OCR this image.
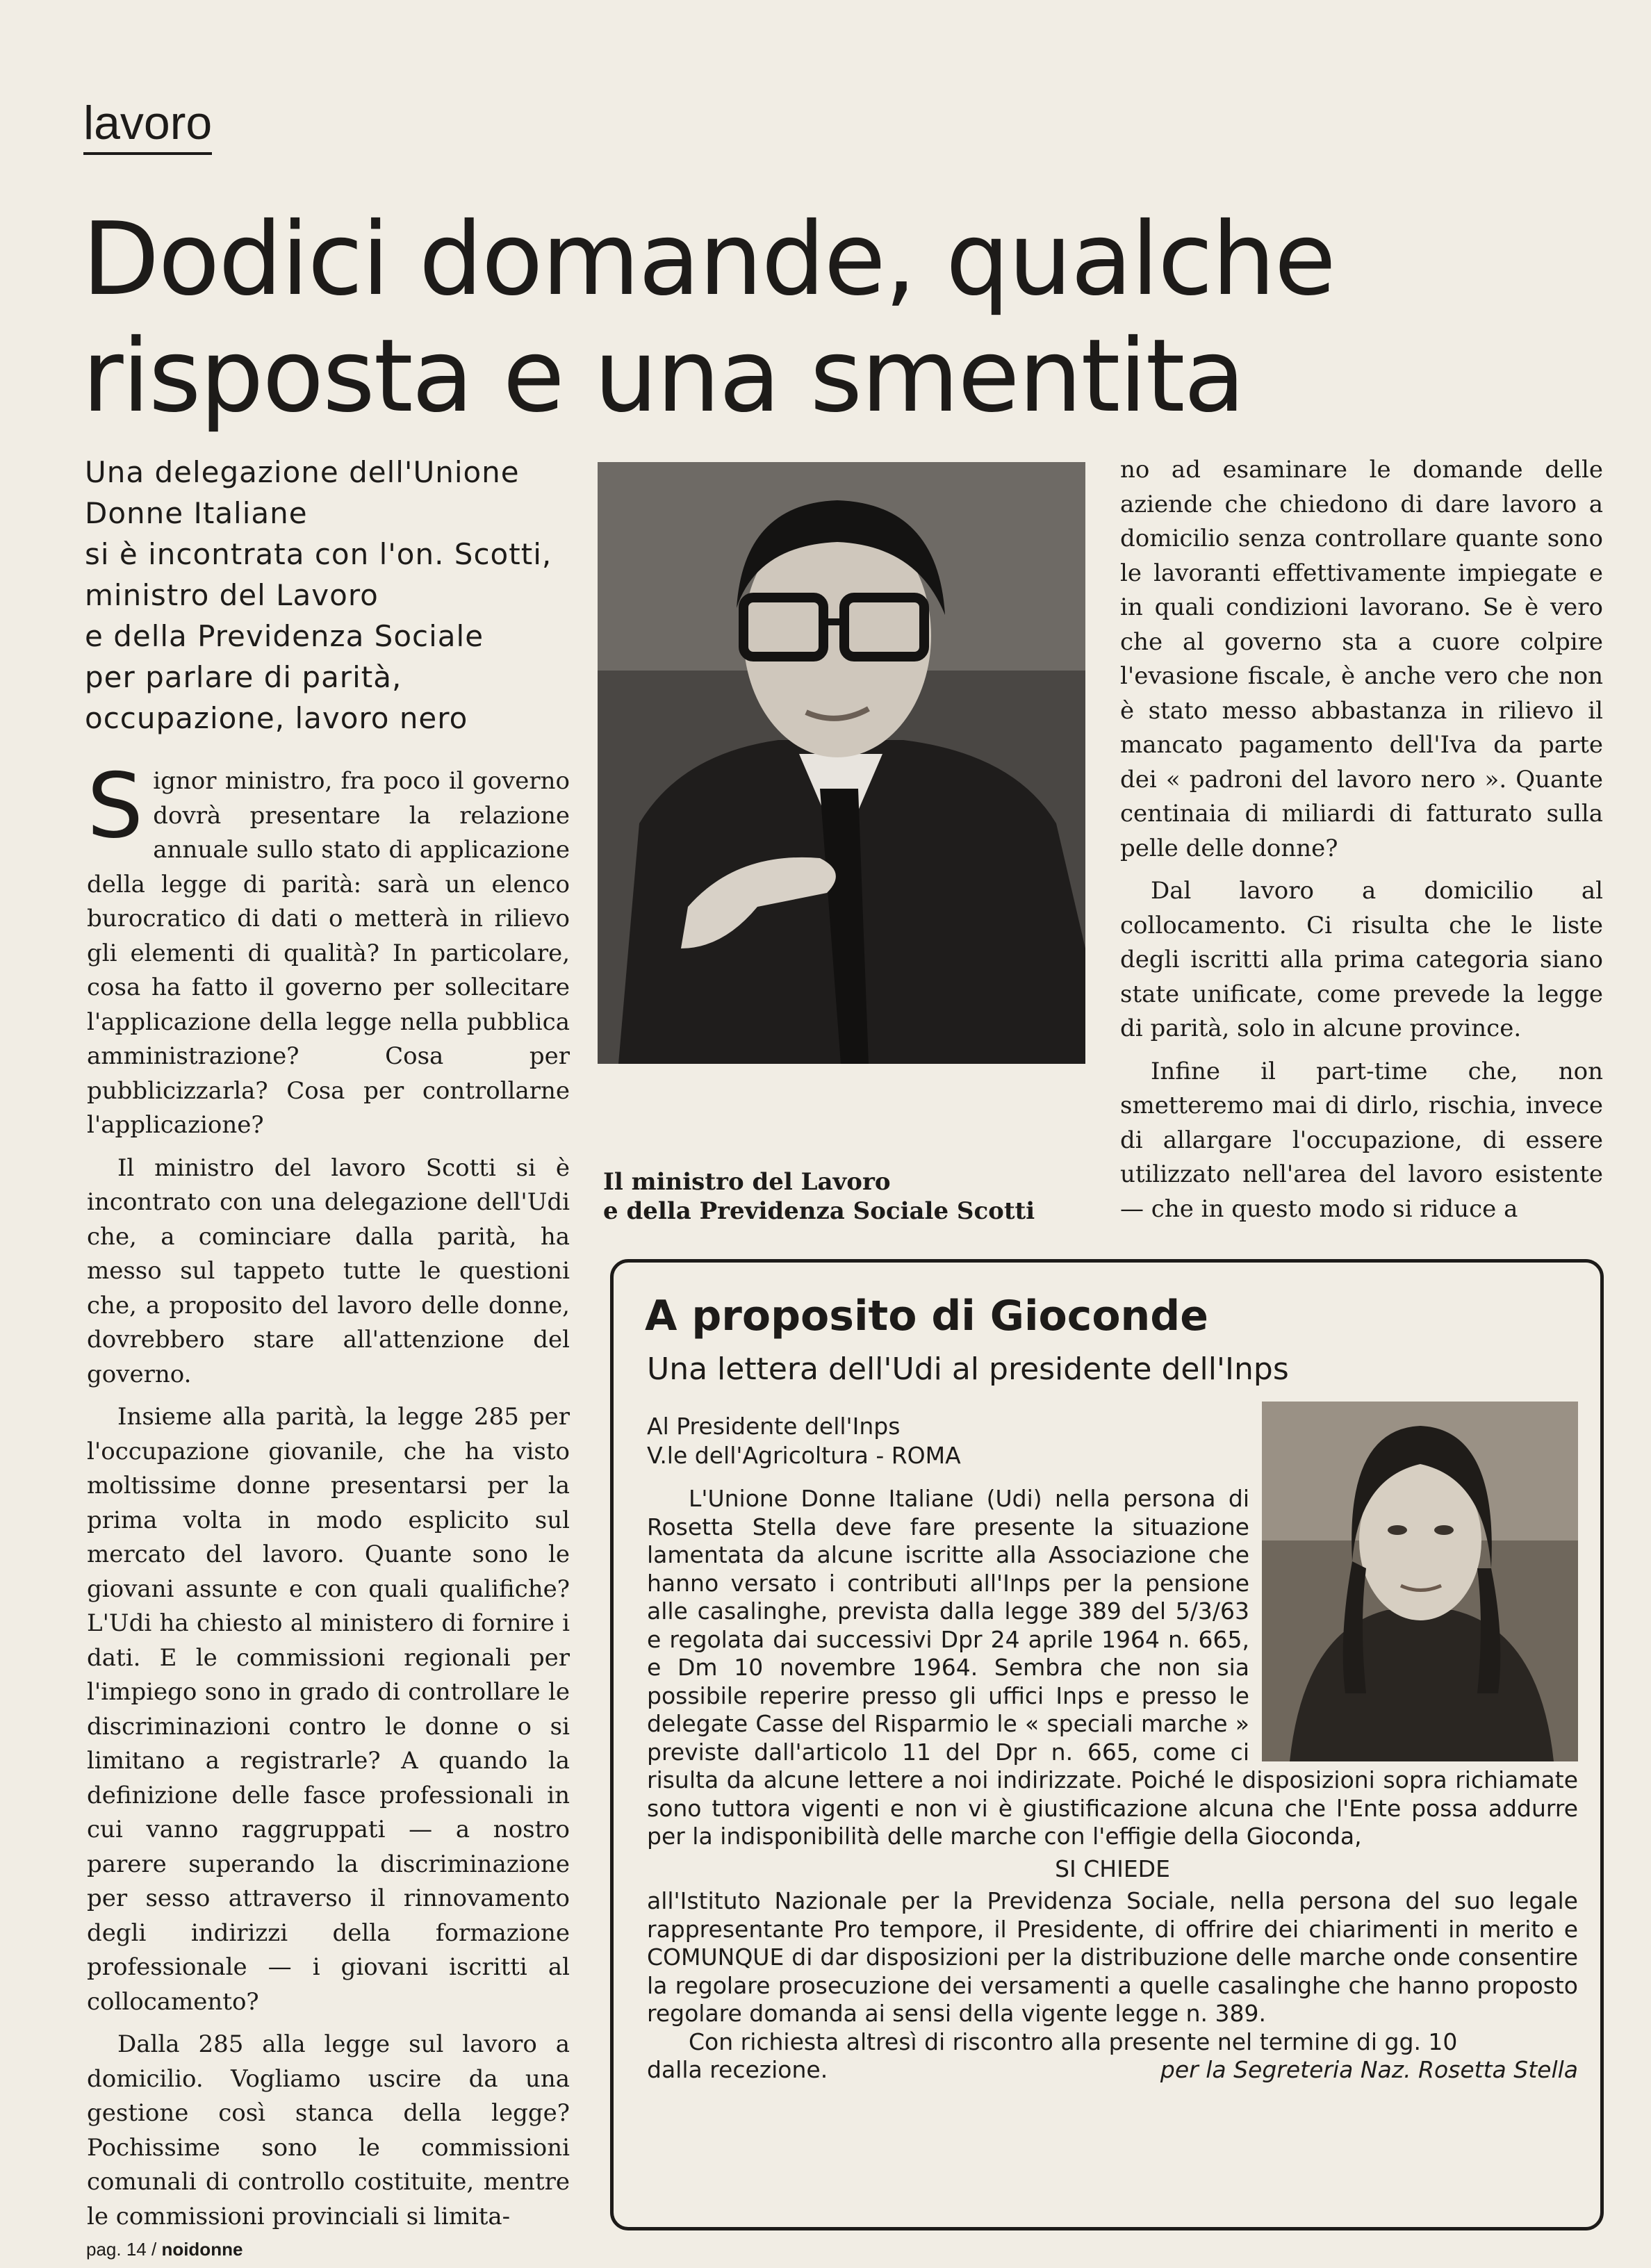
lavoro
Dodici domande, qualche
risposta e una smentita
Una delegazione dell'Unione
Donne Italiane
si è incontrata con l'on. Scotti,
ministro del Lavoro
e della Previdenza Sociale
per parlare di parità,
occupazione, lavoro nero

Signor ministro, fra poco il governo dovrà presentare la relazione annuale sullo stato di applicazione della legge di parità: sarà un elenco burocratico di dati o metterà in rilievo gli elementi di qualità? In particolare, cosa ha fatto il governo per sollecitare l'applicazione della legge nella pubblica amministrazione? Cosa per pubblicizzarla? Cosa per controllarne l'applicazione?

Il ministro del lavoro Scotti si è incontrato con una delegazione dell'Udi che, a cominciare dalla parità, ha messo sul tappeto tutte le questioni che, a proposito del lavoro delle donne, dovrebbero stare all'attenzione del governo.

Insieme alla parità, la legge 285 per l'occupazione giovanile, che ha visto moltissime donne presentarsi per la prima volta in modo esplicito sul mercato del lavoro. Quante sono le giovani assunte e con quali qualifiche? L'Udi ha chiesto al ministero di fornire i dati. E le commissioni regionali per l'impiego sono in grado di controllare le discriminazioni contro le donne o si limitano a registrarle? A quando la definizione delle fasce professionali in cui vanno raggruppati — a nostro parere superando la discriminazione per sesso attraverso il rinnovamento degli indirizzi della formazione professionale — i giovani iscritti al collocamento?

Dalla 285 alla legge sul lavoro a domicilio. Vogliamo uscire da una gestione così stanca della legge? Pochissime sono le commissioni comunali di controllo costituite, mentre le commissioni provinciali si limita-

Il ministro del Lavoro
e della Previdenza Sociale Scotti

no ad esaminare le domande delle aziende che chiedono di dare lavoro a domicilio senza controllare quante sono le lavoranti effettivamente impiegate e in quali condizioni lavorano. Se è vero che al governo sta a cuore colpire l'evasione fiscale, è anche vero che non è stato messo abbastanza in rilievo il mancato pagamento dell'Iva da parte dei « padroni del lavoro nero ». Quante centinaia di miliardi di fatturato sulla pelle delle donne?

Dal lavoro a domicilio al collocamento. Ci risulta che le liste degli iscritti alla prima categoria siano state unificate, come prevede la legge di parità, solo in alcune province.

Infine il part-time che, non smetteremo mai di dirlo, rischia, invece di allargare l'occupazione, di essere utilizzato nell'area del lavoro esistente — che in questo modo si riduce a

A proposito di Gioconde
Una lettera dell'Udi al presidente dell'Inps
Al Presidente dell'Inps
V.le dell'Agricoltura - ROMA

L'Unione Donne Italiane (Udi) nella persona di Rosetta Stella deve fare presente la situazione lamentata da alcune iscritte alla Associazione che hanno versato i contributi all'Inps per la pensione alle casalinghe, prevista dalla legge 389 del 5/3/63 e regolata dai successivi Dpr 24 aprile 1964 n. 665, e Dm 10 novembre 1964. Sembra che non sia possibile reperire presso gli uffici Inps e presso le delegate Casse del Risparmio le « speciali marche » previste dall'articolo 11 del Dpr n. 665, come ci risulta da alcune lettere a noi indirizzate. Poiché le disposizioni sopra richiamate sono tuttora vigenti e non vi è giustificazione alcuna che l'Ente possa addurre per la indisponibilità delle marche con l'effigie della Gioconda,

SI CHIEDE

all'Istituto Nazionale per la Previdenza Sociale, nella persona del suo legale rappresentante Pro tempore, il Presidente, di offrire dei chiarimenti in merito e COMUNQUE di dar disposizioni per la distribuzione delle marche onde consentire la regolare prosecuzione dei versamenti a quelle casalinghe che hanno proposto regolare domanda ai sensi della vigente legge n. 389.

Con richiesta altresì di riscontro alla presente nel termine di gg. 10

dalla recezione.	per la Segreteria Naz. Rosetta Stella
pag. 14 / noidonne
